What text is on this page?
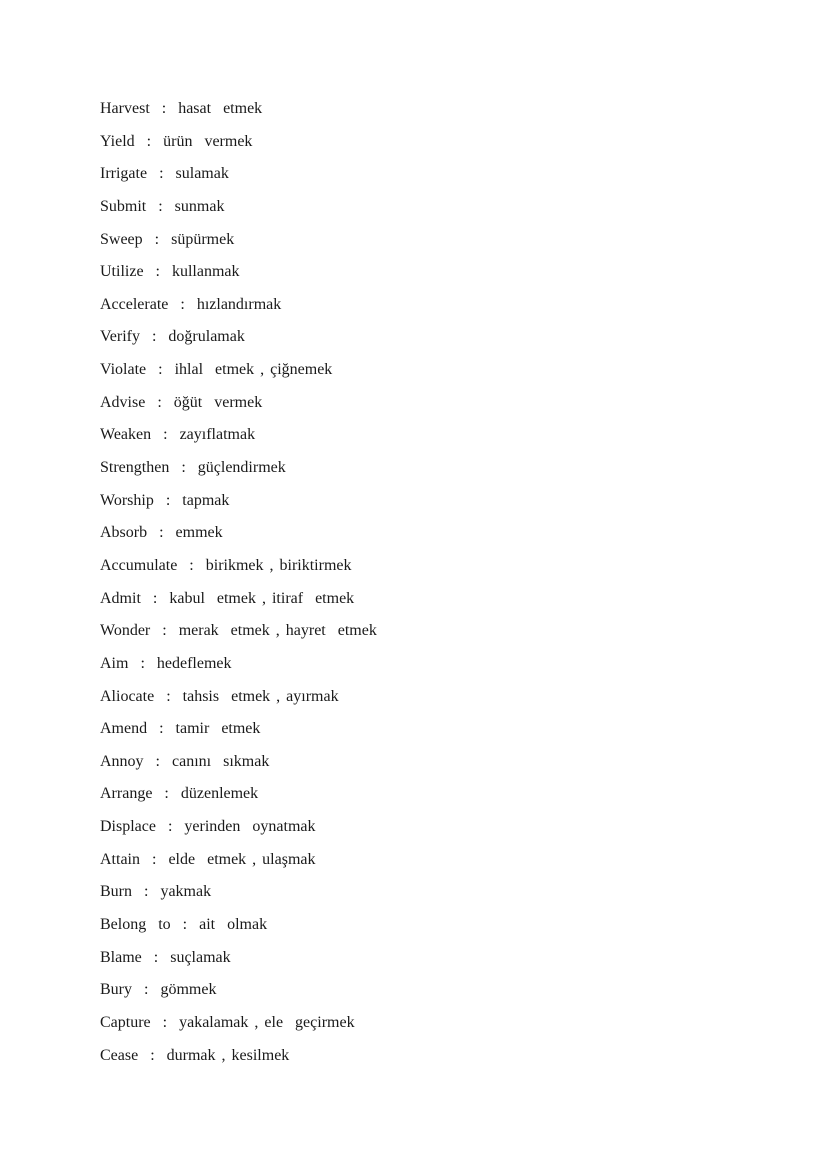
Harvest  :  hasat  etmek
Yield  :  ürün  vermek
Irrigate  :  sulamak
Submit  :  sunmak
Sweep  :  süpürmek
Utilize  :  kullanmak
Accelerate  :  hızlandırmak
Verify  :  doğrulamak
Violate  :  ihlal  etmek , çiğnemek
Advise  :  öğüt  vermek
Weaken  :  zayıflatmak
Strengthen  :  güçlendirmek
Worship  :  tapmak
Absorb  :  emmek
Accumulate  :  birikmek , biriktirmek
Admit  :  kabul  etmek , itiraf  etmek
Wonder  :  merak  etmek , hayret  etmek
Aim  :  hedeflemek
Aliocate  :  tahsis  etmek , ayırmak
Amend  :  tamir  etmek
Annoy  :  canını  sıkmak
Arrange  :  düzenlemek
Displace  :  yerinden  oynatmak
Attain  :  elde  etmek , ulaşmak
Burn  :  yakmak
Belong  to  :  ait  olmak
Blame  :  suçlamak
Bury  :  gömmek
Capture  :  yakalamak , ele  geçirmek
Cease  :  durmak , kesilmek
